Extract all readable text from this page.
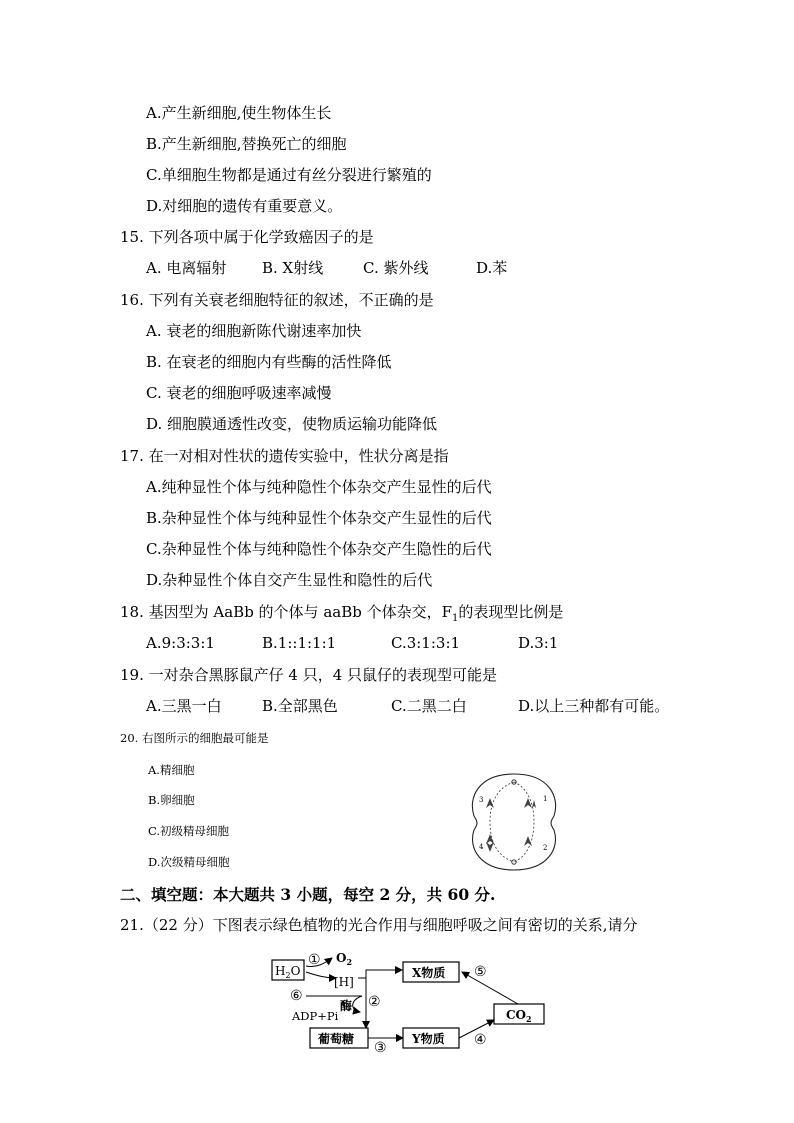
A.产生新细胞,使生物体生长
B.产生新细胞,替换死亡的细胞
C.单细胞生物都是通过有丝分裂进行繁殖的
D.对细胞的遗传有重要意义。
15. 下列各项中属于化学致癌因子的是
A. 电离辐射 B. X射线	C. 紫外线	D.苯
16. 下列有关衰老细胞特征的叙述，不正确的是
A. 衰老的细胞新陈代谢速率加快
B. 在衰老的细胞内有些酶的活性降低
C. 衰老的细胞呼吸速率减慢
D. 细胞膜通透性改变，使物质运输功能降低
17. 在一对相对性状的遗传实验中，性状分离是指
A.纯种显性个体与纯种隐性个体杂交产生显性的后代
B.杂种显性个体与纯种显性个体杂交产生显性的后代
C.杂种显性个体与纯种隐性个体杂交产生隐性的后代
D.杂种显性个体自交产生显性和隐性的后代
18. 基因型为 AaBb 的个体与 aaBb 个体杂交，$F_1$的表现型比例是
A.9:3:3:1	B.1::1:1:1	C.3:1:3:1	D.3:1
19. 一对杂合黑豚鼠产仔 4 只，4 只鼠仔的表现型可能是
A.三黑一白	B.全部黑色	C.二黑二白	D.以上三种都有可能。
20. 右图所示的细胞最可能是
A.精细胞
B.卵细胞
C.初级精母细胞
D.次级精母细胞
3	1
4	2
二、填空题：本大题共 3 小题，每空 2 分，共 60 分.
21.（22 分）下图表示绿色植物的光合作用与细胞呼吸之间有密切的关系,请分
$H_2O$
① $O_2$
[H]
②
⑥
酶
ADP+Pi
X物质
葡萄糖
③
Y物质
$CO_2$
④
⑤
